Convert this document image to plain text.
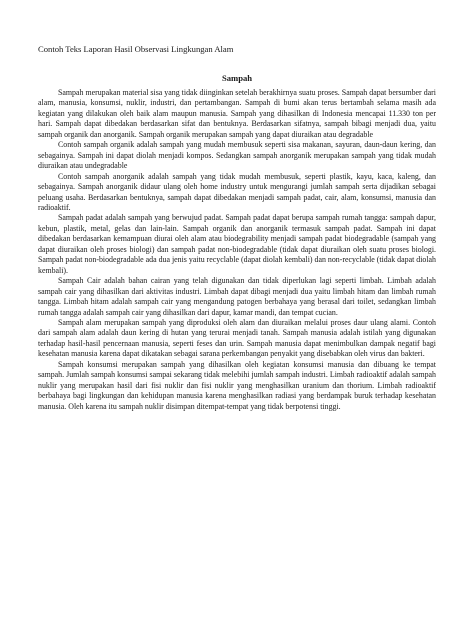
Contoh Teks Laporan Hasil Observasi Lingkungan Alam
Sampah

Sampah merupakan material sisa yang tidak diinginkan setelah berakhirnya suatu proses. Sampah dapat bersumber dari alam, manusia, konsumsi, nuklir, industri, dan pertambangan. Sampah di bumi akan terus bertambah selama masih ada kegiatan yang dilakukan oleh baik alam maupun manusia. Sampah yang dihasilkan di Indonesia mencapai 11.330 ton per hari. Sampah dapat dibedakan berdasarkan sifat dan bentuknya. Berdasarkan sifatnya, sampah bibagi menjadi dua, yaitu sampah organik dan anorganik. Sampah organik merupakan sampah yang dapat diuraikan atau degradable

Contoh sampah organik adalah sampah yang mudah membusuk seperti sisa makanan, sayuran, daun-daun kering, dan sebagainya. Sampah ini dapat diolah menjadi kompos. Sedangkan sampah anorganik merupakan sampah yang tidak mudah diuraikan atau undegradable

Contoh sampah anorganik adalah sampah yang tidak mudah membusuk, seperti plastik, kayu, kaca, kaleng, dan sebagainya. Sampah anorganik didaur ulang oleh home industry untuk mengurangi jumlah sampah serta dijadikan sebagai peluang usaha. Berdasarkan bentuknya, sampah dapat dibedakan menjadi sampah padat, cair, alam, konsumsi, manusia dan radioaktif.

Sampah padat adalah sampah yang berwujud padat. Sampah padat dapat berupa sampah rumah tangga: sampah dapur, kebun, plastik, metal, gelas dan lain-lain. Sampah organik dan anorganik termasuk sampah padat. Sampah ini dapat dibedakan berdasarkan kemampuan diurai oleh alam atau biodegrability menjadi sampah padat biodegradable (sampah yang dapat diuraikan oleh proses biologi) dan sampah padat non-biodegradable (tidak dapat diuraikan oleh suatu proses biologi. Sampah padat non-biodegradable ada dua jenis yaitu recyclable (dapat diolah kembali) dan non-recyclable (tidak dapat diolah kembali).

Sampah Cair adalah bahan cairan yang telah digunakan dan tidak diperlukan lagi seperti limbah. Limbah adalah sampah cair yang dihasilkan dari aktivitas industri. Limbah dapat dibagi menjadi dua yaitu limbah hitam dan limbah rumah tangga. Limbah hitam adalah sampah cair yang mengandung patogen berbahaya yang berasal dari toilet, sedangkan limbah rumah tangga adalah sampah cair yang dihasilkan dari dapur, kamar mandi, dan tempat cucian.

Sampah alam merupakan sampah yang diproduksi oleh alam dan diuraikan melalui proses daur ulang alami. Contoh dari sampah alam adalah daun kering di hutan yang terurai menjadi tanah. Sampah manusia adalah istilah yang digunakan terhadap hasil-hasil pencernaan manusia, seperti feses dan urin. Sampah manusia dapat menimbulkan dampak negatif bagi kesehatan manusia karena dapat dikatakan sebagai sarana perkembangan penyakit yang disebabkan oleh virus dan bakteri.

Sampah konsumsi merupakan sampah yang dihasilkan oleh kegiatan konsumsi manusia dan dibuang ke tempat sampah. Jumlah sampah konsumsi sampai sekarang tidak melebihi jumlah sampah industri. Limbah radioaktif adalah sampah nuklir yang merupakan hasil dari fisi nuklir dan fisi nuklir yang menghasilkan uranium dan thorium. Limbah radioaktif berbahaya bagi lingkungan dan kehidupan manusia karena menghasilkan radiasi yang berdampak buruk terhadap kesehatan manusia. Oleh karena itu sampah nuklir disimpan ditempat-tempat yang tidak berpotensi tinggi.
